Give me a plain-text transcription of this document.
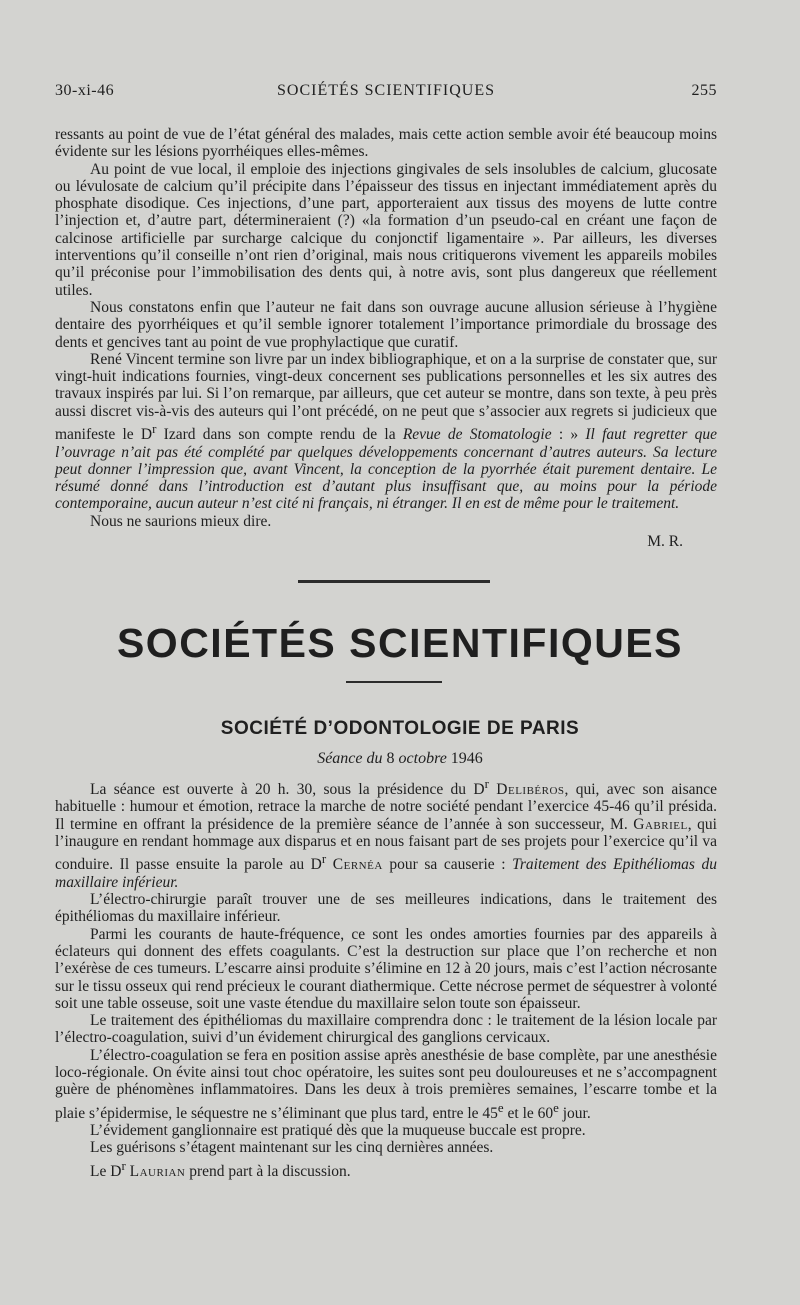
30-xi-46	SOCIÉTÉS SCIENTIFIQUES	255

ressants au point de vue de l’état général des malades, mais cette action semble avoir été beaucoup moins évidente sur les lésions pyorrhéiques elles-mêmes.

Au point de vue local, il emploie des injections gingivales de sels insolubles de calcium, glucosate ou lévulosate de calcium qu’il précipite dans l’épaisseur des tissus en injectant immédiatement après du phosphate disodique. Ces injections, d’une part, apporteraient aux tissus des moyens de lutte contre l’injection et, d’autre part, détermineraient (?) «la formation d’un pseudo-cal en créant une façon de calcinose artificielle par surcharge calcique du conjonctif ligamentaire ». Par ailleurs, les diverses interventions qu’il conseille n’ont rien d’original, mais nous critiquerons vivement les appareils mobiles qu’il préconise pour l’immobilisation des dents qui, à notre avis, sont plus dangereux que réellement utiles.

Nous constatons enfin que l’auteur ne fait dans son ouvrage aucune allusion sérieuse à l’hygiène dentaire des pyorrhéiques et qu’il semble ignorer totalement l’importance primordiale du brossage des dents et gencives tant au point de vue prophylactique que curatif.

René Vincent termine son livre par un index bibliographique, et on a la surprise de constater que, sur vingt-huit indications fournies, vingt-deux concernent ses publications personnelles et les six autres des travaux inspirés par lui. Si l’on remarque, par ailleurs, que cet auteur se montre, dans son texte, à peu près aussi discret vis-à-vis des auteurs qui l’ont précédé, on ne peut que s’associer aux regrets si judicieux que manifeste le $D^r$ Izard dans son compte rendu de la Revue de Stomatologie : » Il faut regretter que l’ouvrage n’ait pas été complété par quelques développements concernant d’autres auteurs. Sa lecture peut donner l’impression que, avant Vincent, la conception de la pyorrhée était purement dentaire. Le résumé donné dans l’introduction est d’autant plus insuffisant que, au moins pour la période contemporaine, aucun auteur n’est cité ni français, ni étranger. Il en est de même pour le traitement.

Nous ne saurions mieux dire.

M. R.

SOCIÉTÉS SCIENTIFIQUES
SOCIÉTÉ D’ODONTOLOGIE DE PARIS
Séance du 8 octobre 1946

La séance est ouverte à 20 h. 30, sous la présidence du $D^r$ Delibéros, qui, avec son aisance habituelle : humour et émotion, retrace la marche de notre société pendant l’exercice 45-46 qu’il présida. Il termine en offrant la présidence de la première séance de l’année à son successeur, M. Gabriel, qui l’inaugure en rendant hommage aux disparus et en nous faisant part de ses projets pour l’exercice qu’il va conduire. Il passe ensuite la parole au $D^r$ Cernéa pour sa causerie : Traitement des Epithéliomas du maxillaire inférieur.

L’électro-chirurgie paraît trouver une de ses meilleures indications, dans le traitement des épithéliomas du maxillaire inférieur.

Parmi les courants de haute-fréquence, ce sont les ondes amorties fournies par des appareils à éclateurs qui donnent des effets coagulants. C’est la destruction sur place que l’on recherche et non l’exérèse de ces tumeurs. L’escarre ainsi produite s’élimine en 12 à 20 jours, mais c’est l’action nécrosante sur le tissu osseux qui rend précieux le courant diathermique. Cette nécrose permet de séquestrer à volonté soit une table osseuse, soit une vaste étendue du maxillaire selon toute son épaisseur.

Le traitement des épithéliomas du maxillaire comprendra donc : le traitement de la lésion locale par l’électro-coagulation, suivi d’un évidement chirurgical des ganglions cervicaux.

L’électro-coagulation se fera en position assise après anesthésie de base complète, par une anesthésie loco-régionale. On évite ainsi tout choc opératoire, les suites sont peu douloureuses et ne s’accompagnent guère de phénomènes inflammatoires. Dans les deux à trois premières semaines, l’escarre tombe et la plaie s’épidermise, le séquestre ne s’éliminant que plus tard, entre le 45e et le 60e jour.

L’évidement ganglionnaire est pratiqué dès que la muqueuse buccale est propre.

Les guérisons s’étagent maintenant sur les cinq dernières années.

Le $D^r$ Laurian prend part à la discussion.
